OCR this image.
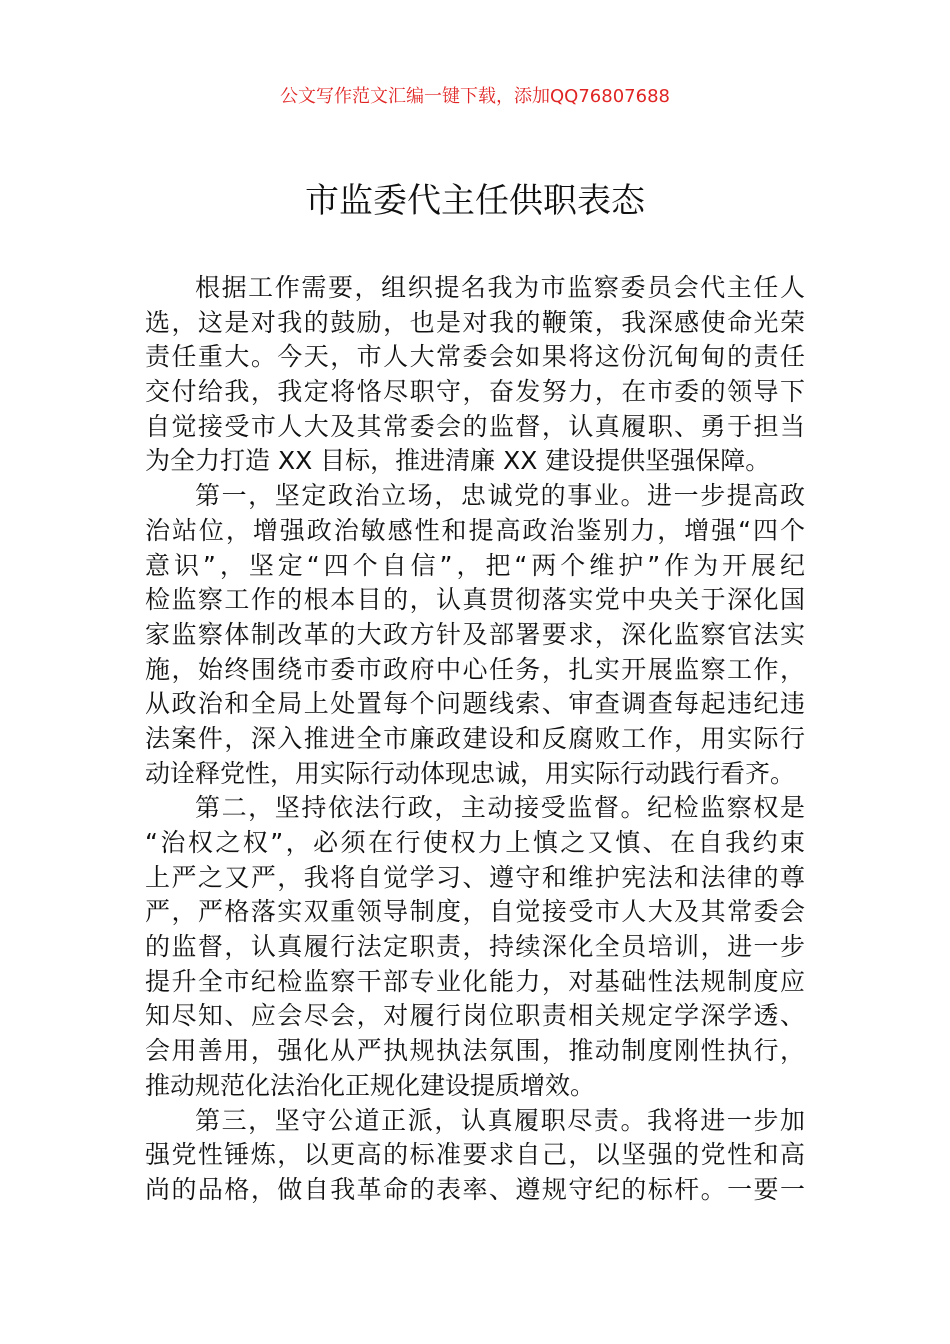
公文写作范文汇编一键下载，添加QQ76807688
市监委代主任供职表态
根据工作需要，组织提名我为市监察委员会代主任人
选，这是对我的鼓励，也是对我的鞭策，我深感使命光荣
责任重大。今天，市人大常委会如果将这份沉甸甸的责任
交付给我，我定将恪尽职守，奋发努力，在市委的领导下
自觉接受市人大及其常委会的监督，认真履职、勇于担当
为全力打造 XX 目标，推进清廉 XX 建设提供坚强保障。
第一，坚定政治立场，忠诚党的事业。进一步提高政
治站位，增强政治敏感性和提高政治鉴别力，增强“四个
意识”，坚定“四个自信”，把“两个维护”作为开展纪
检监察工作的根本目的，认真贯彻落实党中央关于深化国
家监察体制改革的大政方针及部署要求，深化监察官法实
施，始终围绕市委市政府中心任务，扎实开展监察工作，
从政治和全局上处置每个问题线索、审查调查每起违纪违
法案件，深入推进全市廉政建设和反腐败工作，用实际行
动诠释党性，用实际行动体现忠诚，用实际行动践行看齐。
第二，坚持依法行政，主动接受监督。纪检监察权是
“治权之权”，必须在行使权力上慎之又慎、在自我约束
上严之又严，我将自觉学习、遵守和维护宪法和法律的尊
严，严格落实双重领导制度，自觉接受市人大及其常委会
的监督，认真履行法定职责，持续深化全员培训，进一步
提升全市纪检监察干部专业化能力，对基础性法规制度应
知尽知、应会尽会，对履行岗位职责相关规定学深学透、
会用善用，强化从严执规执法氛围，推动制度刚性执行，
推动规范化法治化正规化建设提质增效。
第三，坚守公道正派，认真履职尽责。我将进一步加
强党性锤炼，以更高的标准要求自己，以坚强的党性和高
尚的品格，做自我革命的表率、遵规守纪的标杆。一要一
